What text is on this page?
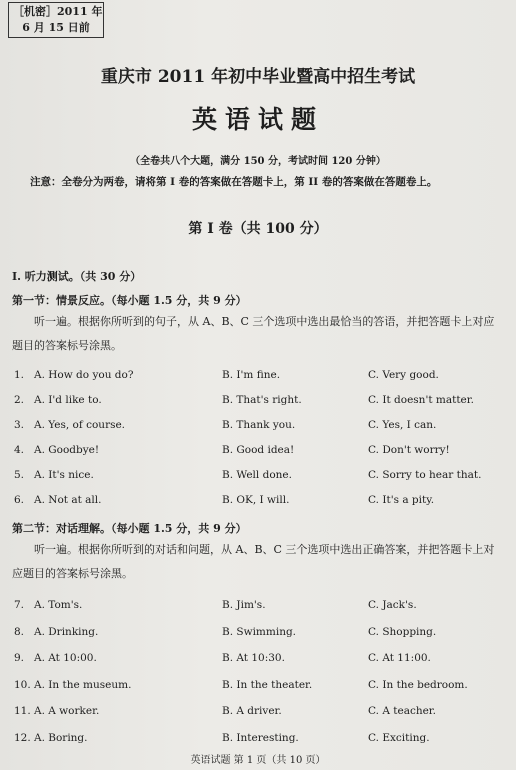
［机密］2011 年
6 月 15 日前
重庆市 2011 年初中毕业暨高中招生考试
英语试题
（全卷共八个大题，满分 150 分，考试时间 120 分钟）
注意：全卷分为两卷，请将第 I 卷的答案做在答题卡上，第 II 卷的答案做在答题卷上。
第 I 卷（共 100 分）
I. 听力测试。（共 30 分）
第一节：情景反应。（每小题 1.5 分，共 9 分）
听一遍。根据你所听到的句子，从 A、B、C 三个选项中选出最恰当的答语，并把答题卡上对应题目的答案标号涂黑。
1. A. How do you do?	B. I'm fine.	C. Very good.
2. A. I'd like to.	B. That's right.	C. It doesn't matter.
3. A. Yes, of course.	B. Thank you.	C. Yes, I can.
4. A. Goodbye!	B. Good idea!	C. Don't worry!
5. A. It's nice.	B. Well done.	C. Sorry to hear that.
6. A. Not at all.	B. OK, I will.	C. It's a pity.
第二节：对话理解。（每小题 1.5 分，共 9 分）
听一遍。根据你所听到的对话和问题，从 A、B、C 三个选项中选出正确答案，并把答题卡上对应题目的答案标号涂黑。
7. A. Tom's.	B. Jim's.	C. Jack's.
8. A. Drinking.	B. Swimming.	C. Shopping.
9. A. At 10:00.	B. At 10:30.	C. At 11:00.
10. A. In the museum.	B. In the theater.	C. In the bedroom.
11. A. A worker.	B. A driver.	C. A teacher.
12. A. Boring.	B. Interesting.	C. Exciting.
英语试题 第 1 页（共 10 页）
